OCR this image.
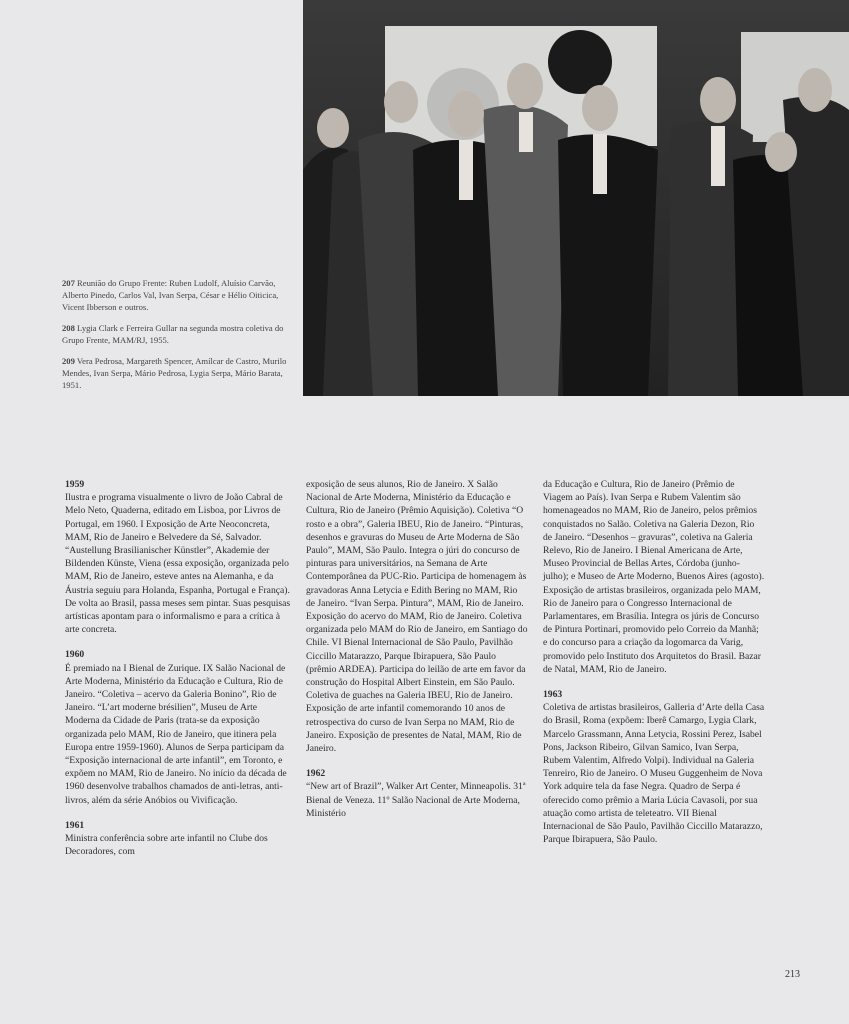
207 Reunião do Grupo Frente: Ruben Ludolf, Aluísio Carvão, Alberto Pinedo, Carlos Val, Ivan Serpa, César e Hélio Oiticica, Vicent Ibberson e outros.

208 Lygia Clark e Ferreira Gullar na segunda mostra coletiva do Grupo Frente, MAM/RJ, 1955.

209 Vera Pedrosa, Margareth Spencer, Amílcar de Castro, Murilo Mendes, Ivan Serpa, Mário Pedrosa, Lygia Serpa, Mário Barata, 1951.

1959

Ilustra e programa visualmente o livro de João Cabral de Melo Neto, Quaderna, editado em Lisboa, por Livros de Portugal, em 1960. I Exposição de Arte Neoconcreta, MAM, Rio de Janeiro e Belvedere da Sé, Salvador. “Austellung Brasilianischer Künstler”, Akademie der Bildenden Künste, Viena (essa exposição, organizada pelo MAM, Rio de Janeiro, esteve antes na Alemanha, e da Áustria seguiu para Holanda, Espanha, Portugal e França). De volta ao Brasil, passa meses sem pintar. Suas pesquisas artísticas apontam para o informalismo e para a crítica à arte concreta.

1960

É premiado na I Bienal de Zurique. IX Salão Nacional de Arte Moderna, Ministério da Educação e Cultura, Rio de Janeiro. “Coletiva – acervo da Galeria Bonino”, Rio de Janeiro. “L’art moderne brésilien”, Museu de Arte Moderna da Cidade de Paris (trata-se da exposição organizada pelo MAM, Rio de Janeiro, que itinera pela Europa entre 1959-1960). Alunos de Serpa participam da “Exposição internacional de arte infantil”, em Toronto, e expõem no MAM, Rio de Janeiro. No início da década de 1960 desenvolve trabalhos chamados de anti-letras, anti-livros, além da série Anóbios ou Vivificação.

1961

Ministra conferência sobre arte infantil no Clube dos Decoradores, com

exposição de seus alunos, Rio de Janeiro. X Salão Nacional de Arte Moderna, Ministério da Educação e Cultura, Rio de Janeiro (Prêmio Aquisição). Coletiva “O rosto e a obra”, Galeria IBEU, Rio de Janeiro. “Pinturas, desenhos e gravuras do Museu de Arte Moderna de São Paulo”, MAM, São Paulo. Integra o júri do concurso de pinturas para universitários, na Semana de Arte Contemporânea da PUC-Rio. Participa de homenagem às gravadoras Anna Letycia e Edith Bering no MAM, Rio de Janeiro. “Ivan Serpa. Pintura”, MAM, Rio de Janeiro. Exposição do acervo do MAM, Rio de Janeiro. Coletiva organizada pelo MAM do Rio de Janeiro, em Santiago do Chile. VI Bienal Internacional de São Paulo, Pavilhão Ciccillo Matarazzo, Parque Ibirapuera, São Paulo (prêmio ARDEA). Participa do leilão de arte em favor da construção do Hospital Albert Einstein, em São Paulo. Coletiva de guaches na Galeria IBEU, Rio de Janeiro. Exposição de arte infantil comemorando 10 anos de retrospectiva do curso de Ivan Serpa no MAM, Rio de Janeiro. Exposição de presentes de Natal, MAM, Rio de Janeiro.

1962

“New art of Brazil”, Walker Art Center, Minneapolis. 31ª Bienal de Veneza. 11º Salão Nacional de Arte Moderna, Ministério

da Educação e Cultura, Rio de Janeiro (Prêmio de Viagem ao País). Ivan Serpa e Rubem Valentim são homenageados no MAM, Rio de Janeiro, pelos prêmios conquistados no Salão. Coletiva na Galeria Dezon, Rio de Janeiro. “Desenhos – gravuras”, coletiva na Galeria Relevo, Rio de Janeiro. I Bienal Americana de Arte, Museo Provincial de Bellas Artes, Córdoba (junho-julho); e Museo de Arte Moderno, Buenos Aires (agosto). Exposição de artistas brasileiros, organizada pelo MAM, Rio de Janeiro para o Congresso Internacional de Parlamentares, em Brasília. Integra os júris de Concurso de Pintura Portinari, promovido pelo Correio da Manhã; e do concurso para a criação da logomarca da Varig, promovido pelo Instituto dos Arquitetos do Brasil. Bazar de Natal, MAM, Rio de Janeiro.

1963

Coletiva de artistas brasileiros, Galleria d’Arte della Casa do Brasil, Roma (expõem: Iberê Camargo, Lygia Clark, Marcelo Grassmann, Anna Letycia, Rossini Perez, Isabel Pons, Jackson Ribeiro, Gilvan Samico, Ivan Serpa, Rubem Valentim, Alfredo Volpi). Individual na Galeria Tenreiro, Rio de Janeiro. O Museu Guggenheim de Nova York adquire tela da fase Negra. Quadro de Serpa é oferecido como prêmio a Maria Lúcia Cavasoli, por sua atuação como artista de teleteatro. VII Bienal Internacional de São Paulo, Pavilhão Ciccillo Matarazzo, Parque Ibirapuera, São Paulo.

213
